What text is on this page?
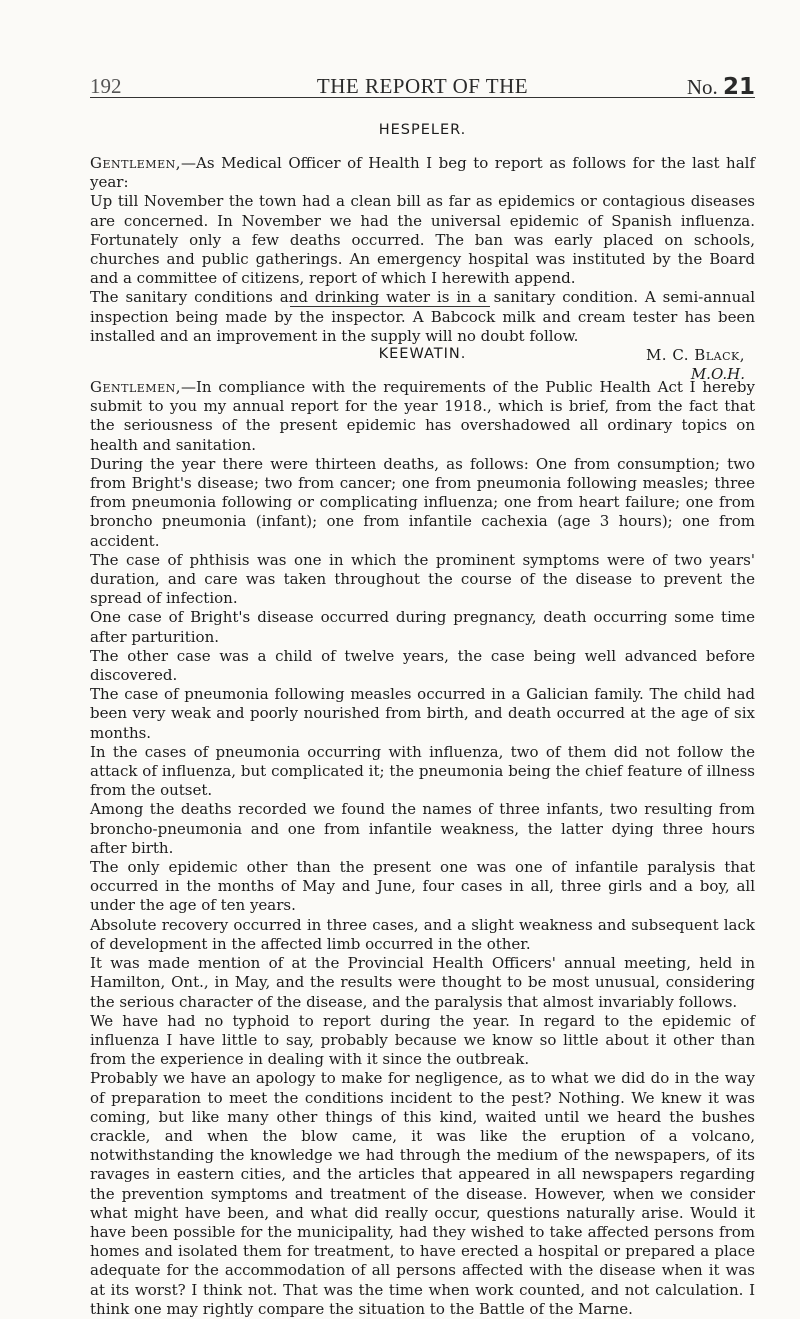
192	THE REPORT OF THE	No. 21
HESPELER.

Gentlemen,—As Medical Officer of Health I beg to report as follows for the last half year:

Up till November the town had a clean bill as far as epidemics or contagious diseases are concerned. In November we had the universal epidemic of Spanish influenza. Fortunately only a few deaths occurred. The ban was early placed on schools, churches and public gatherings. An emergency hospital was instituted by the Board and a committee of citizens, report of which I herewith append.

The sanitary conditions and drinking water is in a sanitary condition. A semi-annual inspection being made by the inspector. A Babcock milk and cream tester has been installed and an improvement in the supply will no doubt follow.

M. C. Black,
M.O.H.
KEEWATIN.

Gentlemen,—In compliance with the requirements of the Public Health Act I hereby submit to you my annual report for the year 1918., which is brief, from the fact that the seriousness of the present epidemic has overshadowed all ordinary topics on health and sanitation.

During the year there were thirteen deaths, as follows: One from consumption; two from Bright's disease; two from cancer; one from pneumonia following measles; three from pneumonia following or complicating influenza; one from heart failure; one from broncho pneumonia (infant); one from infantile cachexia (age 3 hours); one from accident.

The case of phthisis was one in which the prominent symptoms were of two years' duration, and care was taken throughout the course of the disease to prevent the spread of infection.

One case of Bright's disease occurred during pregnancy, death occurring some time after parturition.

The other case was a child of twelve years, the case being well advanced before discovered.

The case of pneumonia following measles occurred in a Galician family. The child had been very weak and poorly nourished from birth, and death occurred at the age of six months.

In the cases of pneumonia occurring with influenza, two of them did not follow the attack of influenza, but complicated it; the pneumonia being the chief feature of illness from the outset.

Among the deaths recorded we found the names of three infants, two resulting from broncho-pneumonia and one from infantile weakness, the latter dying three hours after birth.

The only epidemic other than the present one was one of infantile paralysis that occurred in the months of May and June, four cases in all, three girls and a boy, all under the age of ten years.

Absolute recovery occurred in three cases, and a slight weakness and subsequent lack of development in the affected limb occurred in the other.

It was made mention of at the Provincial Health Officers' annual meeting, held in Hamilton, Ont., in May, and the results were thought to be most unusual, considering the serious character of the disease, and the paralysis that almost invariably follows.

We have had no typhoid to report during the year. In regard to the epidemic of influenza I have little to say, probably because we know so little about it other than from the experience in dealing with it since the outbreak.

Probably we have an apology to make for negligence, as to what we did do in the way of preparation to meet the conditions incident to the pest? Nothing. We knew it was coming, but like many other things of this kind, waited until we heard the bushes crackle, and when the blow came, it was like the eruption of a volcano, notwithstanding the knowledge we had through the medium of the newspapers, of its ravages in eastern cities, and the articles that appeared in all newspapers regarding the prevention symptoms and treatment of the disease. However, when we consider what might have been, and what did really occur, questions naturally arise. Would it have been possible for the municipality, had they wished to take affected persons from homes and isolated them for treatment, to have erected a hospital or prepared a place adequate for the accommodation of all persons affected with the disease when it was at its worst? I think not. That was the time when work counted, and not calculation. I think one may rightly compare the situation to the Battle of the Marne.
